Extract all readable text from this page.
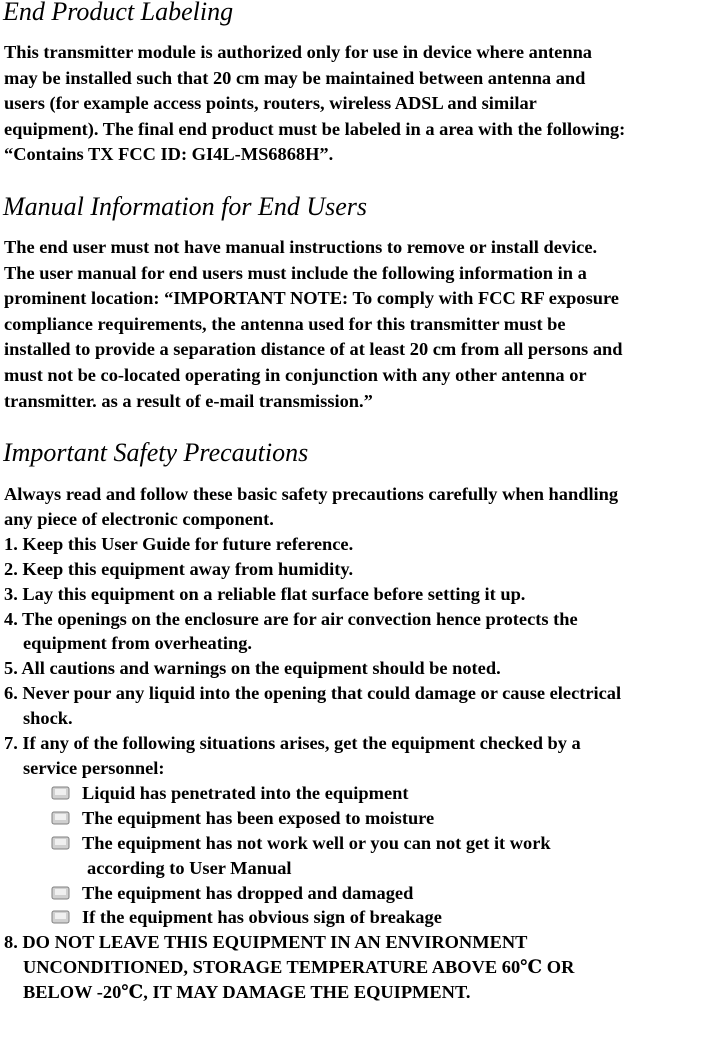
End Product Labeling

This transmitter module is authorized only for use in device where antenna
may be installed such that 20 cm may be maintained between antenna and
users (for example access points, routers, wireless ADSL and similar
equipment). The final end product must be labeled in a area with the following:
“Contains TX FCC ID: GI4L-MS6868H”.

Manual Information for End Users

The end user must not have manual instructions to remove or install device.
The user manual for end users must include the following information in a
prominent location: “IMPORTANT NOTE: To comply with FCC RF exposure
compliance requirements, the antenna used for this transmitter must be
installed to provide a separation distance of at least 20 cm from all persons and
must not be co-located operating in conjunction with any other antenna or
transmitter. as a result of e-mail transmission.”

Important Safety Precautions
Always read and follow these basic safety precautions carefully when handling
any piece of electronic component.
1. Keep this User Guide for future reference.
2. Keep this equipment away from humidity.
3. Lay this equipment on a reliable flat surface before setting it up.
4. The openings on the enclosure are for air convection hence protects the
equipment from overheating.
5. All cautions and warnings on the equipment should be noted.
6. Never pour any liquid into the opening that could damage or cause electrical
shock.
7. If any of the following situations arises, get the equipment checked by a
service personnel:
Liquid has penetrated into the equipment
The equipment has been exposed to moisture
The equipment has not work well or you can not get it work
according to User Manual
The equipment has dropped and damaged
If the equipment has obvious sign of breakage
8. DO NOT LEAVE THIS EQUIPMENT IN AN ENVIRONMENT
UNCONDITIONED, STORAGE TEMPERATURE ABOVE 60℃ OR
BELOW -20℃, IT MAY DAMAGE THE EQUIPMENT.
